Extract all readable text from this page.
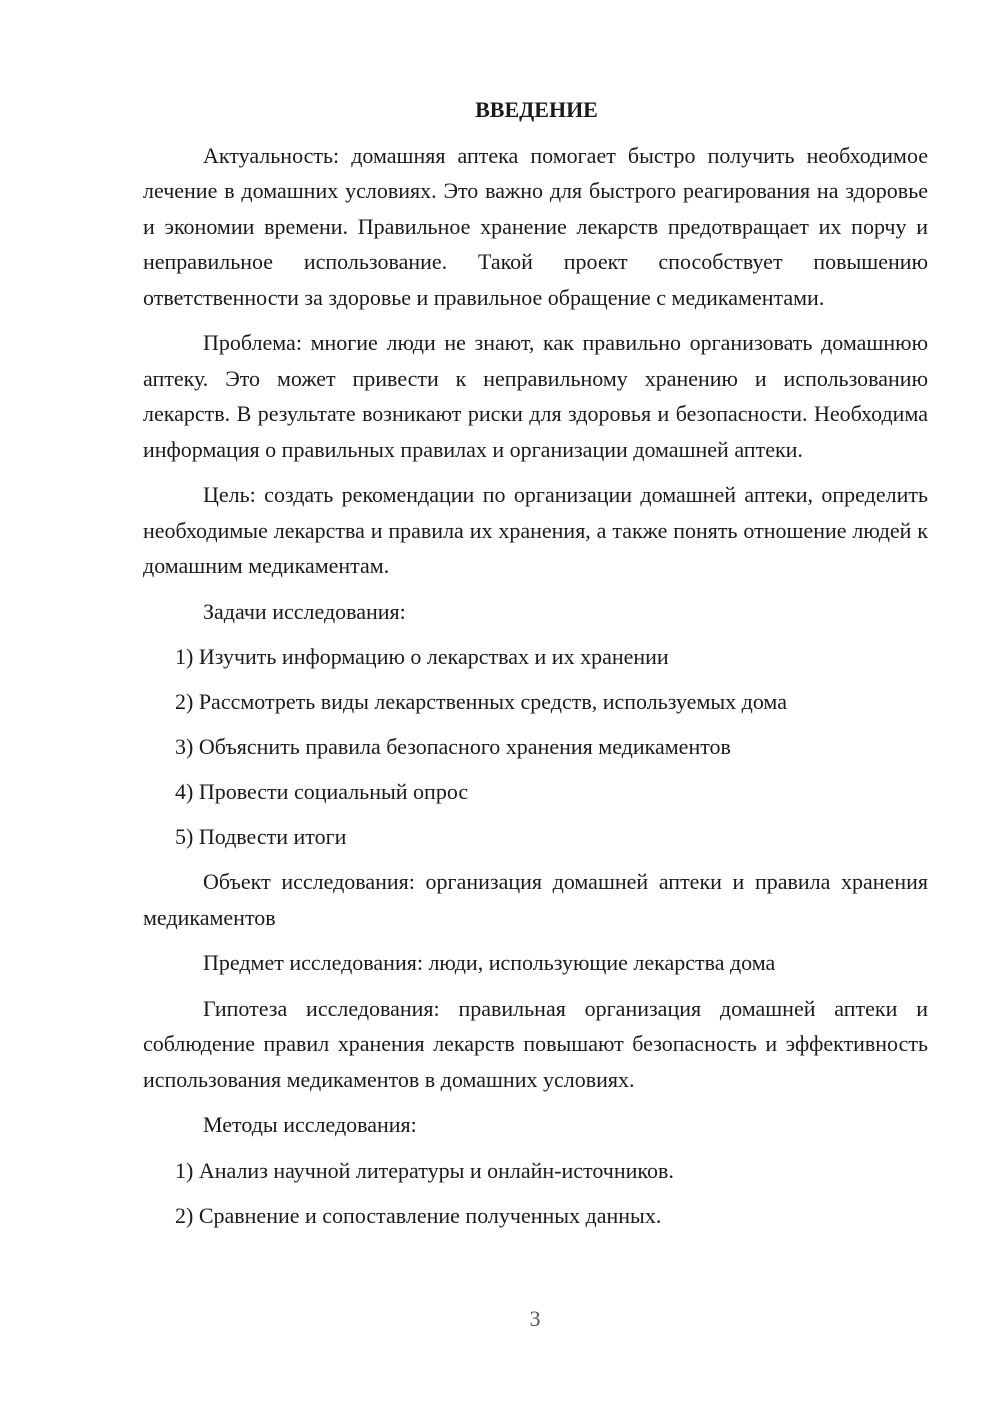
ВВЕДЕНИЕ

Актуальность: домашняя аптека помогает быстро получить необходимое лечение в домашних условиях. Это важно для быстрого реагирования на здоровье и экономии времени. Правильное хранение лекарств предотвращает их порчу и неправильное использование. Такой проект способствует повышению ответственности за здоровье и правильное обращение с медикаментами.

Проблема: многие люди не знают, как правильно организовать домашнюю аптеку. Это может привести к неправильному хранению и использованию лекарств. В результате возникают риски для здоровья и безопасности. Необходима информация о правильных правилах и организации домашней аптеки.

Цель: создать рекомендации по организации домашней аптеки, определить необходимые лекарства и правила их хранения, а также понять отношение людей к домашним медикаментам.

Задачи исследования:

1) Изучить информацию о лекарствах и их хранении
2) Рассмотреть виды лекарственных средств, используемых дома
3) Объяснить правила безопасного хранения медикаментов
4) Провести социальный опрос
5) Подвести итоги

Объект исследования: организация домашней аптеки и правила хранения медикаментов

Предмет исследования: люди, использующие лекарства дома

Гипотеза исследования: правильная организация домашней аптеки и соблюдение правил хранения лекарств повышают безопасность и эффективность использования медикаментов в домашних условиях.

Методы исследования:

1) Анализ научной литературы и онлайн-источников.
2) Сравнение и сопоставление полученных данных.
3
